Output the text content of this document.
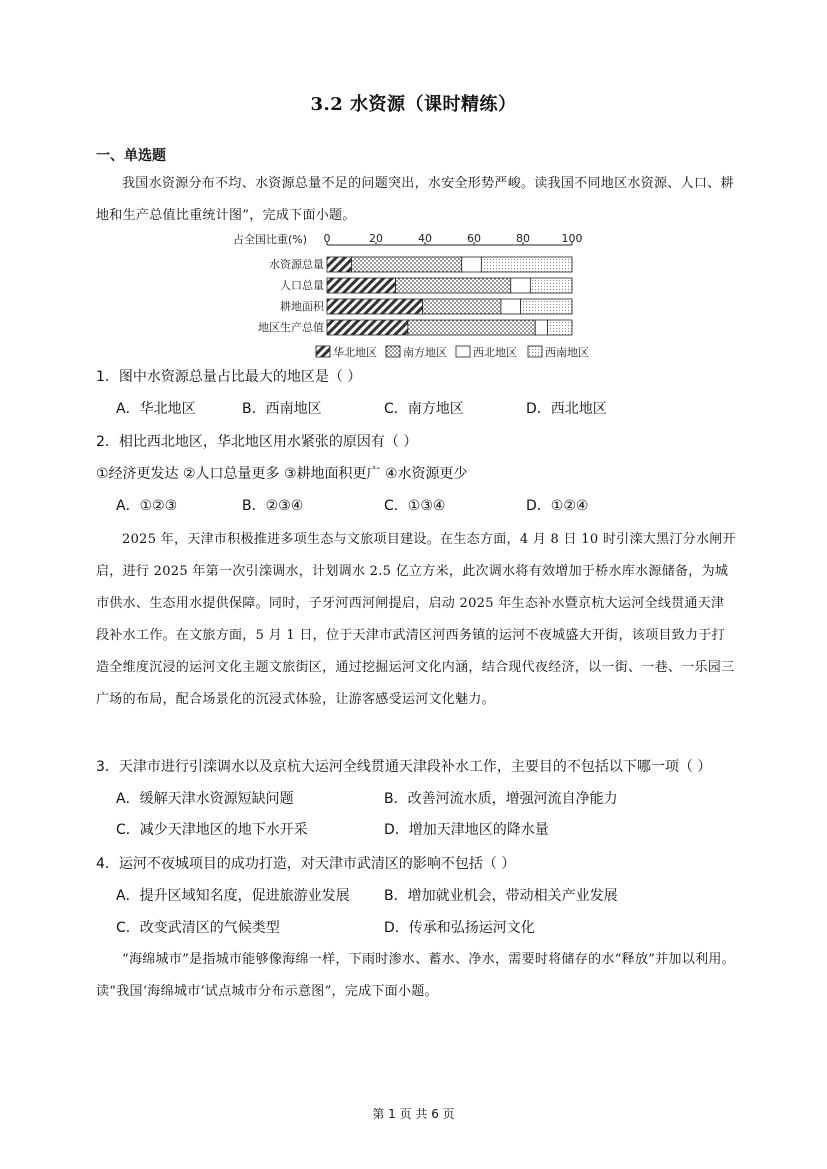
3.2 水资源（课时精练）
一、单选题
我国水资源分布不均、水资源总量不足的问题突出，水安全形势严峻。读我国不同地区水资源、人口、耕地和生产总值比重统计图”，完成下面小题。
占全国比重(%) 0	20	40	60	80	100
水资源总量
人口总量
耕地面积
地区生产总值
华北地区 南方地区 西北地区	西南地区
1．图中水资源总量占比最大的地区是（ ）
A．华北地区	B．西南地区	C．南方地区	D．西北地区
2．相比西北地区，华北地区用水紧张的原因有（ ）
①经济更发达 ②人口总量更多 ③耕地面积更广 ④水资源更少
A．①②③	B．②③④	C．①③④	D．①②④
2025 年，天津市积极推进多项生态与文旅项目建设。在生态方面，4 月 8 日 10 时引滦大黑汀分水闸开启，进行 2025 年第一次引滦调水，计划调水 2.5 亿立方米，此次调水将有效增加于桥水库水源储备，为城市供水、生态用水提供保障。同时，子牙河西河闸提启，启动 2025 年生态补水暨京杭大运河全线贯通天津段补水工作。在文旅方面，5 月 1 日，位于天津市武清区河西务镇的运河不夜城盛大开街，该项目致力于打造全维度沉浸的运河文化主题文旅街区，通过挖掘运河文化内涵，结合现代夜经济，以一街、一巷、一乐园三广场的布局，配合场景化的沉浸式体验，让游客感受运河文化魅力。
3．天津市进行引滦调水以及京杭大运河全线贯通天津段补水工作，主要目的不包括以下哪一项（ ）
A．缓解天津水资源短缺问题	B．改善河流水质，增强河流自净能力
C．减少天津地区的地下水开采	D．增加天津地区的降水量
4．运河不夜城项目的成功打造，对天津市武清区的影响不包括（ ）
A．提升区域知名度，促进旅游业发展 B．增加就业机会，带动相关产业发展
C．改变武清区的气候类型	D．传承和弘扬运河文化
“海绵城市”是指城市能够像海绵一样，下雨时渗水、蓄水、净水，需要时将储存的水“释放”并加以利用。读“我国‘海绵城市’试点城市分布示意图”，完成下面小题。
第 1 页 共 6 页
